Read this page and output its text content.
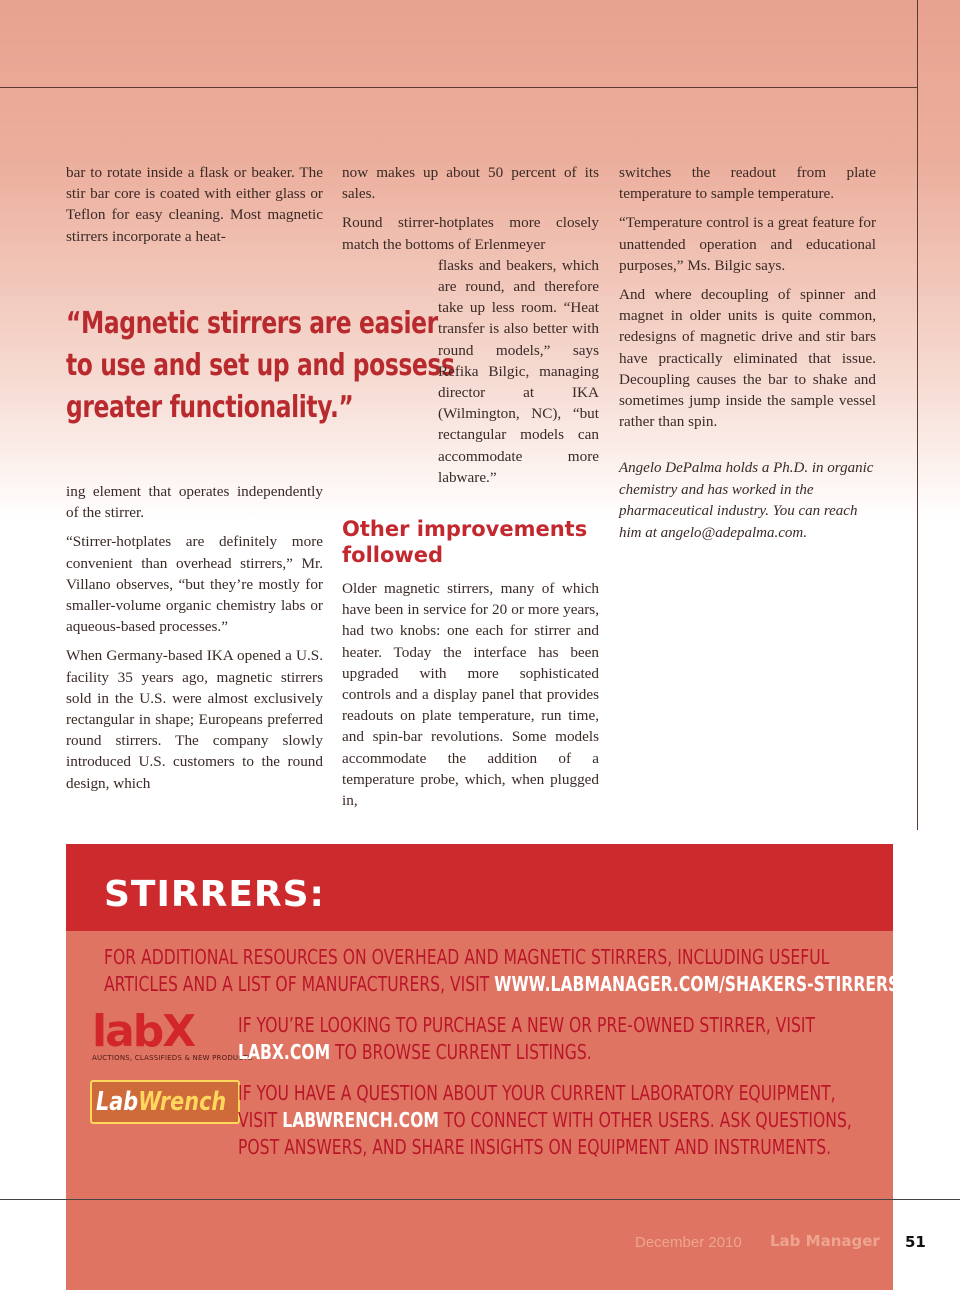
bar to rotate inside a flask or beaker. The stir bar core is coated with either glass or Teflon for easy cleaning. Most magnetic stirrers incorporate a heat-

“Magnetic stirrers are easier
to use and set up and possess
greater functionality.”

ing element that operates independently of the stirrer.

“Stirrer-hotplates are definitely more convenient than overhead stirrers,” Mr. Villano observes, “but they’re mostly for smaller-volume organic chemistry labs or aqueous-based processes.”

When Germany-based IKA opened a U.S. facility 35 years ago, magnetic stirrers sold in the U.S. were almost exclusively rectangular in shape; Europeans preferred round stirrers. The company slowly introduced U.S. customers to the round design, which

now makes up about 50 percent of its sales.

Round stirrer-hotplates more closely match the bottoms of Erlenmeyer

flasks and beakers, which are round, and therefore take up less room. “Heat transfer is also better with round models,” says Refika Bilgic, managing director at IKA (Wilmington, NC), “but rectangular models can accommodate more labware.”

Other improvements
followed

Older magnetic stirrers, many of which have been in service for 20 or more years, had two knobs: one each for stirrer and heater. Today the interface has been upgraded with more sophisticated controls and a display panel that provides readouts on plate temperature, run time, and spin-bar revolutions. Some models accommodate the addition of a temperature probe, which, when plugged in,

switches the readout from plate temperature to sample temperature.

“Temperature control is a great feature for unattended operation and educational purposes,” Ms. Bilgic says.

And where decoupling of spinner and magnet in older units is quite common, redesigns of magnetic drive and stir bars have practically eliminated that issue. Decoupling causes the bar to shake and sometimes jump inside the sample vessel rather than spin.

Angelo DePalma holds a Ph.D. in organic chemistry and has worked in the pharmaceutical industry. You can reach him at angelo@adepalma.com.

STIRRERS:
FOR ADDITIONAL RESOURCES ON OVERHEAD AND MAGNETIC STIRRERS, INCLUDING USEFUL
ARTICLES AND A LIST OF MANUFACTURERS, VISIT WWW.LABMANAGER.COM/SHAKERS-STIRRERS
labX
AUCTIONS, CLASSIFIEDS & NEW PRODUCTS
IF YOU’RE LOOKING TO PURCHASE A NEW OR PRE-OWNED STIRRER, VISIT
LABX.COM TO BROWSE CURRENT LISTINGS.
LabWrench IF YOU HAVE A QUESTION ABOUT YOUR CURRENT LABORATORY EQUIPMENT,
VISIT LABWRENCH.COM TO CONNECT WITH OTHER USERS. ASK QUESTIONS,
POST ANSWERS, AND SHARE INSIGHTS ON EQUIPMENT AND INSTRUMENTS.
December 2010 Lab Manager 51
